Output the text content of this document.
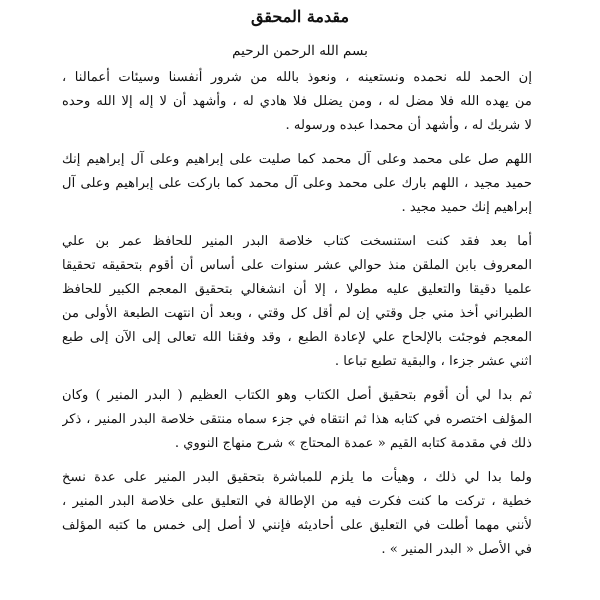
مقدمة المحقق
بسم الله الرحمن الرحيم
إن الحمد لله نحمده ونستعينه ، ونعوذ بالله من شرور أنفسنا وسيئات أعمالنا ،
من يهده الله فلا مضل له ، ومن يضلل فلا هادي له ، وأشهد أن لا إله إلا الله وحده
لا شريك له ، وأشهد أن محمدا عبده ورسوله .
اللهم صل على محمد وعلى آل محمد كما صليت على إبراهيم وعلى آل إبراهيم إنك
حميد مجيد ، اللهم بارك على محمد وعلى آل محمد كما باركت على إبراهيم وعلى آل
إبراهيم إنك حميد مجيد .
أما بعد فقد كنت استنسخت كتاب خلاصة البدر المنير للحافظ عمر بن علي
المعروف بابن الملقن منذ حوالي عشر سنوات على أساس أن أقوم بتحقيقه تحقيقا
علميا دقيقا والتعليق عليه مطولا ، إلا أن انشغالي بتحقيق المعجم الكبير للحافظ
الطبراني أخذ مني جل وقتي إن لم أقل كل وقتي ، وبعد أن انتهت الطبعة الأولى من
المعجم فوجئت بالإلحاح علي لإعادة الطبع ، وقد وفقنا الله تعالى إلى الآن إلى طبع
اثني عشر جزءا ، والبقية تطبع تباعا .
ثم بدا لي أن أقوم بتحقيق أصل الكتاب وهو الكتاب العظيم ( البدر المنير ) وكان
المؤلف اختصره في كتابه هذا ثم انتقاه في جزء سماه منتقى خلاصة البدر المنير ، ذكر
ذلك في مقدمة كتابه القيم « عمدة المحتاج » شرح منهاج النووي .
ولما بدا لي ذلك ، وهيأت ما يلزم للمباشرة بتحقيق البدر المنير على عدة نسخ
خطية ، تركت ما كنت فكرت فيه من الإطالة في التعليق على خلاصة البدر المنير ،
لأنني مهما أطلت في التعليق على أحاديثه فإنني لا أصل إلى خمس ما كتبه المؤلف
في الأصل « البدر المنير » .
